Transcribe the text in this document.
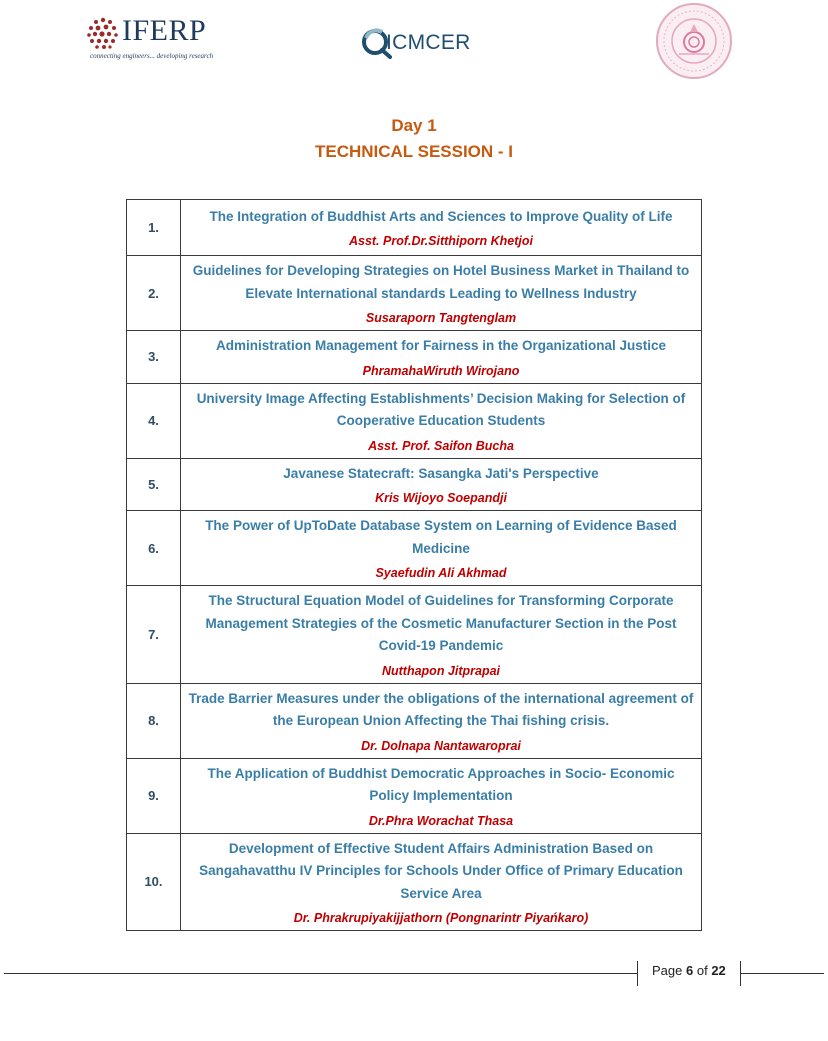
IFERP
connecting engineers... developing research
ICMCER
Day 1
TECHNICAL SESSION - I
1.	The Integration of Buddhist Arts and Sciences to Improve Quality of Life
Asst. Prof.Dr.Sitthiporn Khetjoi

2.	Guidelines for Developing Strategies on Hotel Business Market in Thailand to Elevate International standards Leading to Wellness Industry
Susaraporn Tangtenglam

3.	Administration Management for Fairness in the Organizational Justice
PhramahaWiruth Wirojano

4.	University Image Affecting Establishments’ Decision Making for Selection of Cooperative Education Students
Asst. Prof. Saifon Bucha

5.	Javanese Statecraft: Sasangka Jati's Perspective
Kris Wijoyo Soepandji

6.	The Power of UpToDate Database System on Learning of Evidence Based Medicine
Syaefudin Ali Akhmad

7.	The Structural Equation Model of Guidelines for Transforming Corporate Management Strategies of the Cosmetic Manufacturer Section in the Post Covid-19 Pandemic
Nutthapon Jitprapai

8.	Trade Barrier Measures under the obligations of the international agreement of the European Union Affecting the Thai fishing crisis.
Dr. Dolnapa Nantawaroprai

9.	The Application of Buddhist Democratic Approaches in Socio- Economic Policy Implementation
Dr.Phra Worachat Thasa

10.	Development of Effective Student Affairs Administration Based on Sangahavatthu IV Principles for Schools Under Office of Primary Education Service Area
Dr. Phrakrupiyakijjathorn (Pongnarintr Piyańkaro)
Page 6 of 22
